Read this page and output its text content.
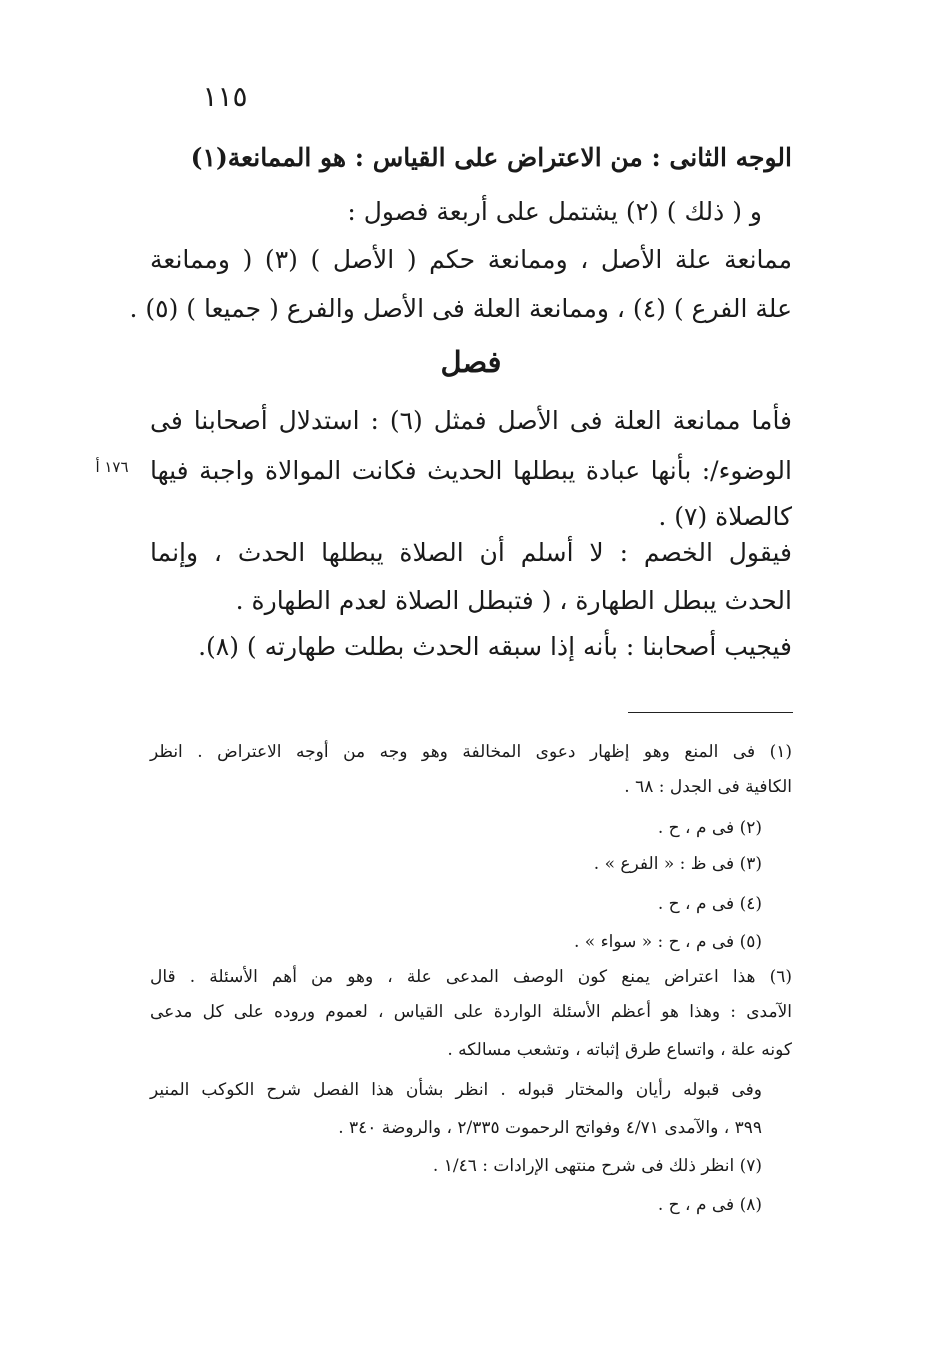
١١٥
الوجه الثانى : من الاعتراض على القياس : هو الممانعة(١)
و ( ذلك ) (٢) يشتمل على أربعة فصول :
ممانعة علة الأصل ، وممانعة حكم ( الأصل ) (٣) ( وممانعة
علة الفرع ) (٤) ، وممانعة العلة فى الأصل والفرع ( جميعا ) (٥) .
فأما ممانعة العلة فى الأصل فمثل (٦) : استدلال أصحابنا فى
الوضوء/: بأنها عبادة يبطلها الحديث فكانت الموالاة واجبة فيها
كالصلاة (٧) .
فيقول الخصم : لا أسلم أن الصلاة يبطلها الحدث ، وإنما
الحدث يبطل الطهارة ، ( فتبطل الصلاة لعدم الطهارة .
فيجيب أصحابنا : بأنه إذا سبقه الحدث بطلت طهارته ) (٨).
فصل
١٧٦ أ
(١) فى المنع وهو إظهار دعوى المخالفة وهو وجه من أوجه الاعتراض . انظر
الكافية فى الجدل : ٦٨ .
(٢) فى م ، ح .
(٣) فى ظ : « الفرع » .
(٤) فى م ، ح .
(٥) فى م ، ح : « سواء » .
(٦) هذا اعتراض يمنع كون الوصف المدعى علة ، وهو من أهم الأسئلة . قال
الآمدى : وهذا هو أعظم الأسئلة الواردة على القياس ، لعموم وروده على كل مدعى
كونه علة ، واتساع طرق إثباته ، وتشعب مسالكه .
وفى قبوله رأيان والمختار قبوله . انظر بشأن هذا الفصل شرح الكوكب المنير
٣٩٩ ، والآمدى ٤/٧١ وفواتح الرحموت ٢/٣٣٥ ، والروضة ٣٤٠ .
(٧) انظر ذلك فى شرح منتهى الإرادات : ١/٤٦ .
(٨) فى م ، ح .
